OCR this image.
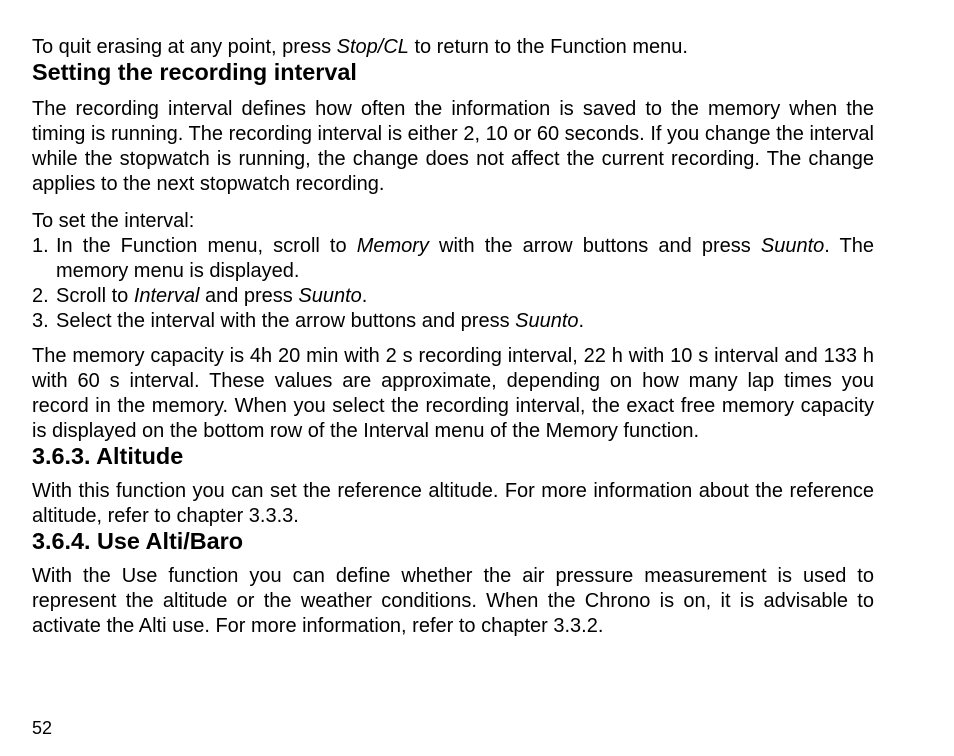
To quit erasing at any point, press Stop/CL to return to the Function menu.

Setting the recording interval

The recording interval defines how often the information is saved to the memory when the timing is running. The recording interval is either 2, 10 or 60 seconds. If you change the interval while the stopwatch is running, the change does not affect the current recording. The change applies to the next stopwatch recording.

To set the interval:

1. In the Function menu, scroll to Memory with the arrow buttons and press Suunto. The memory menu is displayed.
2. Scroll to Interval and press Suunto.
3. Select the interval with the arrow buttons and press Suunto.

The memory capacity is 4h 20 min with 2 s recording interval, 22 h with 10 s interval and 133 h with 60 s interval. These values are approximate, depending on how many lap times you record in the memory. When you select the recording interval, the exact free memory capacity is displayed on the bottom row of the Interval menu of the Memory function.

3.6.3. Altitude

With this function you can set the reference altitude. For more information about the reference altitude, refer to chapter 3.3.3.

3.6.4. Use Alti/Baro

With the Use function you can define whether the air pressure measurement is used to represent the altitude or the weather conditions. When the Chrono is on, it is advisable to activate the Alti use. For more information, refer to chapter 3.3.2.

52
